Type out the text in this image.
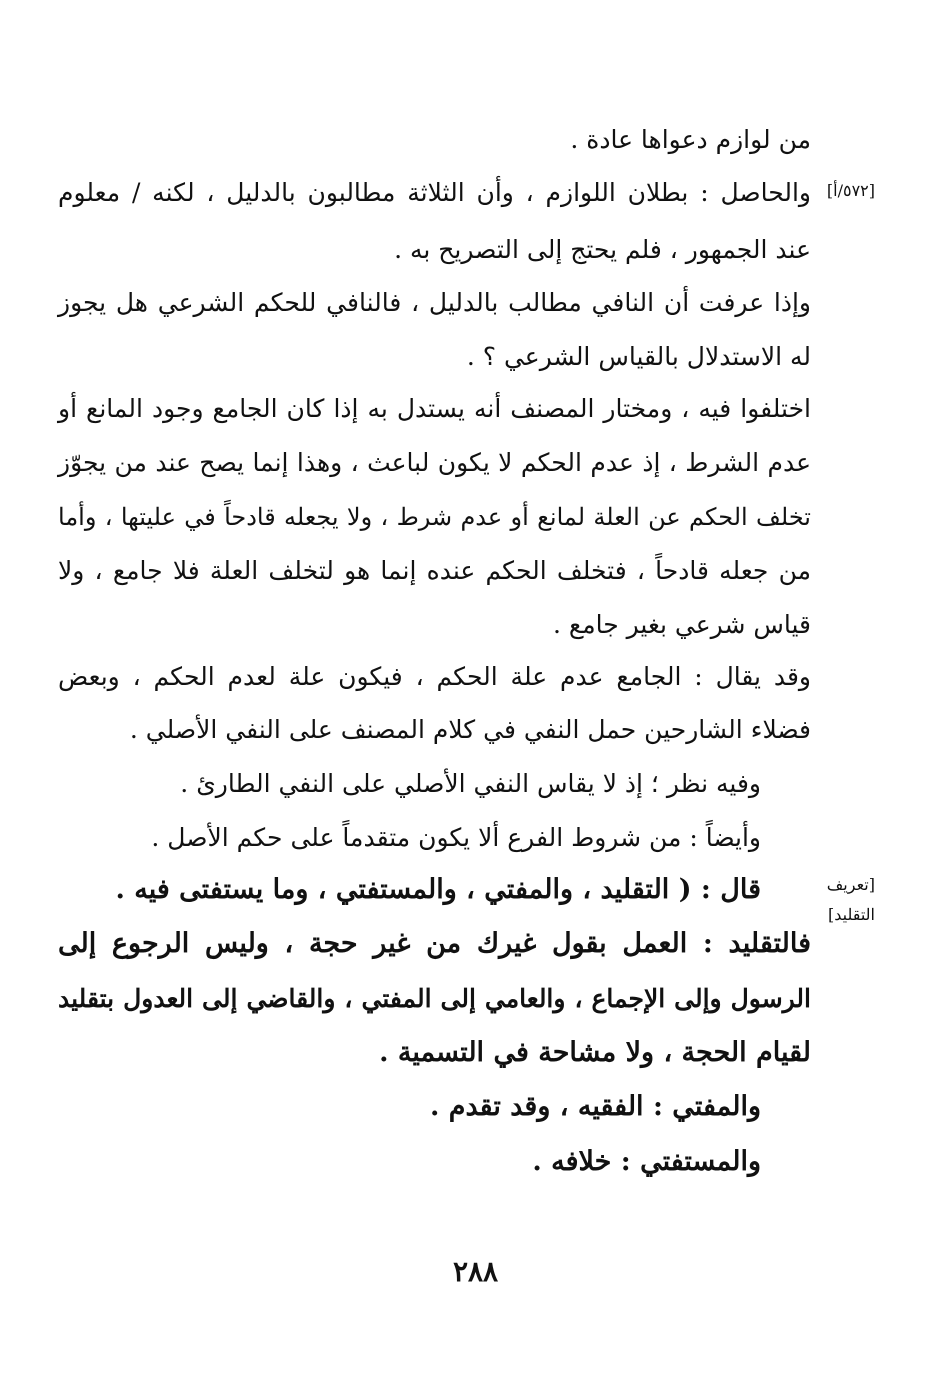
من لوازم دعواها عادة .
والحاصل : بطلان اللوازم ، وأن الثلاثة مطالبون بالدليل ، لكنه / معلوم
عند الجمهور ، فلم يحتج إلى التصريح به .
وإذا عرفت أن النافي مطالب بالدليل ، فالنافي للحكم الشرعي هل يجوز
له الاستدلال بالقياس الشرعي ؟ .
اختلفوا فيه ، ومختار المصنف أنه يستدل به إذا كان الجامع وجود المانع أو
عدم الشرط ، إذ عدم الحكم لا يكون لباعث ، وهذا إنما يصح عند من يجوّز
تخلف الحكم عن العلة لمانع أو عدم شرط ، ولا يجعله قادحاً في عليتها ، وأما
من جعله قادحاً ، فتخلف الحكم عنده إنما هو لتخلف العلة فلا جامع ، ولا
قياس شرعي بغير جامع .
وقد يقال : الجامع عدم علة الحكم ، فيكون علة لعدم الحكم ، وبعض
فضلاء الشارحين حمل النفي في كلام المصنف على النفي الأصلي .
وفيه نظر ؛ إذ لا يقاس النفي الأصلي على النفي الطارئ .
وأيضاً : من شروط الفرع ألا يكون متقدماً على حكم الأصل .
قال : ( التقليد ، والمفتي ، والمستفتي ، وما يستفتى فيه .
فالتقليد : العمل بقول غيرك من غير حجة ، وليس الرجوع إلى
الرسول وإلى الإجماع ، والعامي إلى المفتي ، والقاضي إلى العدول بتقليد
لقيام الحجة ، ولا مشاحة في التسمية .
والمفتي : الفقيه ، وقد تقدم .
والمستفتي : خلافه .
[٥٧٢/أ]
[تعريف
التقليد]
٢٨٨
